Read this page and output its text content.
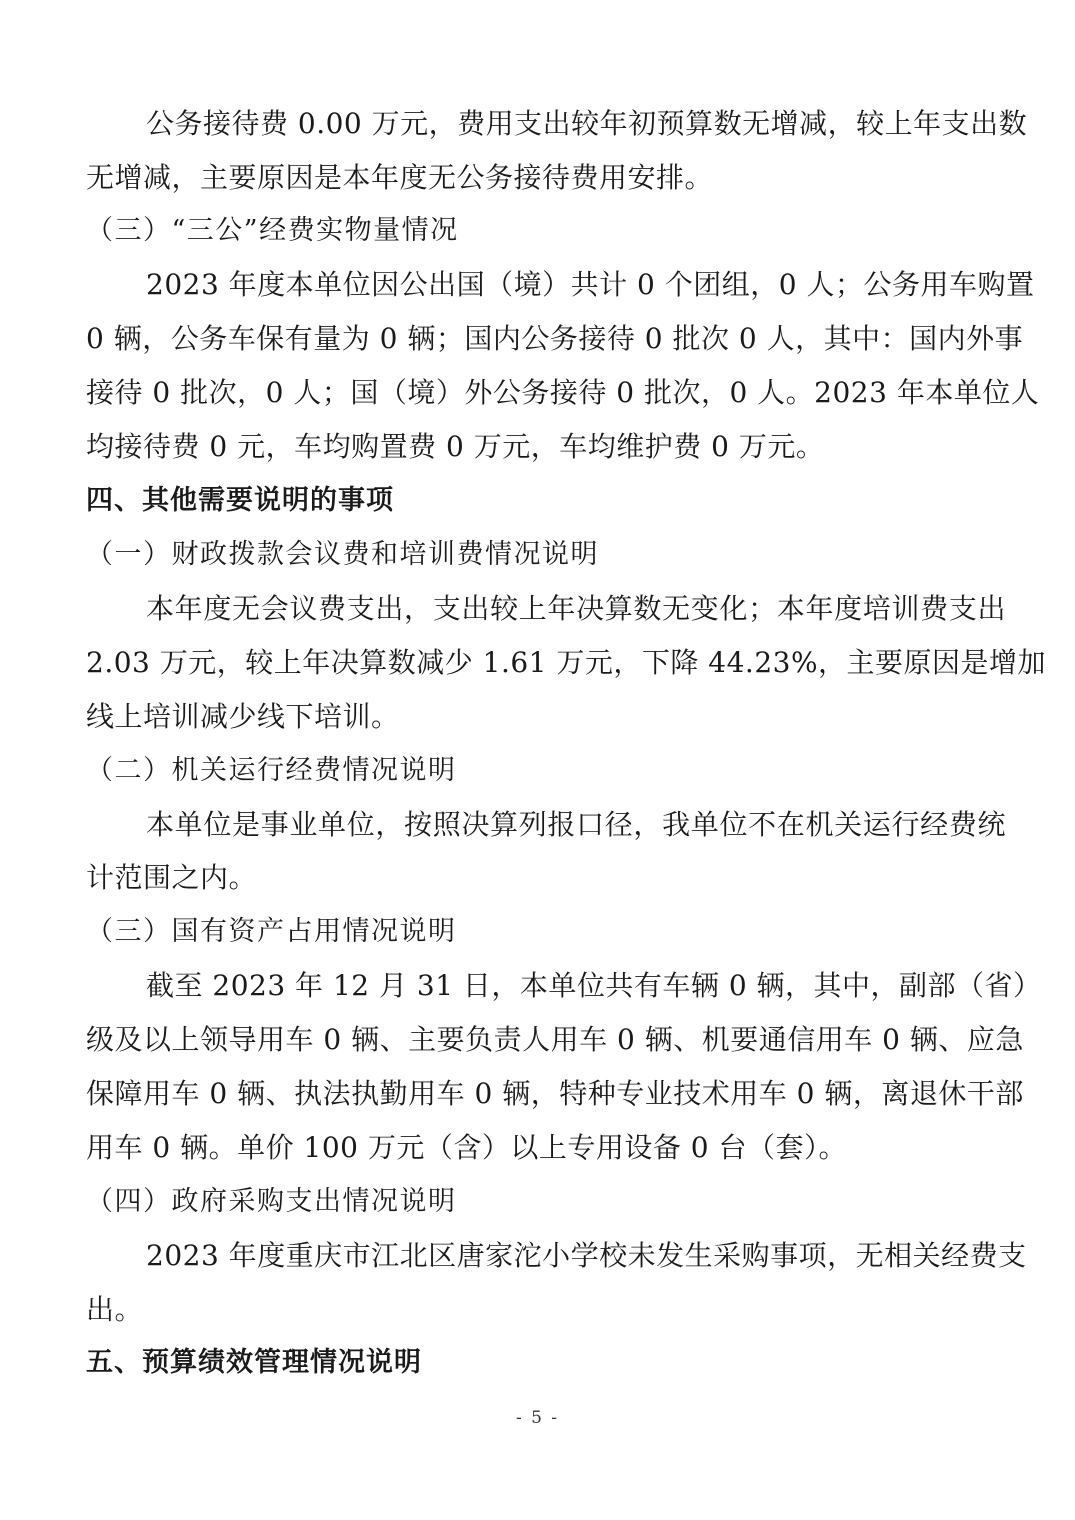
公务接待费 0.00 万元，费用支出较年初预算数无增减，较上年支出数
无增减，主要原因是本年度无公务接待费用安排。
（三）“三公”经费实物量情况
2023 年度本单位因公出国（境）共计 0 个团组，0 人；公务用车购置
0 辆，公务车保有量为 0 辆；国内公务接待 0 批次 0 人，其中：国内外事
接待 0 批次，0 人；国（境）外公务接待 0 批次，0 人。2023 年本单位人
均接待费 0 元，车均购置费 0 万元，车均维护费 0 万元。
四、其他需要说明的事项
（一）财政拨款会议费和培训费情况说明
本年度无会议费支出，支出较上年决算数无变化；本年度培训费支出
2.03 万元，较上年决算数减少 1.61 万元，下降 44.23%，主要原因是增加
线上培训减少线下培训。
（二）机关运行经费情况说明
本单位是事业单位，按照决算列报口径，我单位不在机关运行经费统
计范围之内。
（三）国有资产占用情况说明
截至 2023 年 12 月 31 日，本单位共有车辆 0 辆，其中，副部（省）
级及以上领导用车 0 辆、主要负责人用车 0 辆、机要通信用车 0 辆、应急
保障用车 0 辆、执法执勤用车 0 辆，特种专业技术用车 0 辆，离退休干部
用车 0 辆。单价 100 万元（含）以上专用设备 0 台（套）。
（四）政府采购支出情况说明
2023 年度重庆市江北区唐家沱小学校未发生采购事项，无相关经费支
出。
五、预算绩效管理情况说明
- 5 -
